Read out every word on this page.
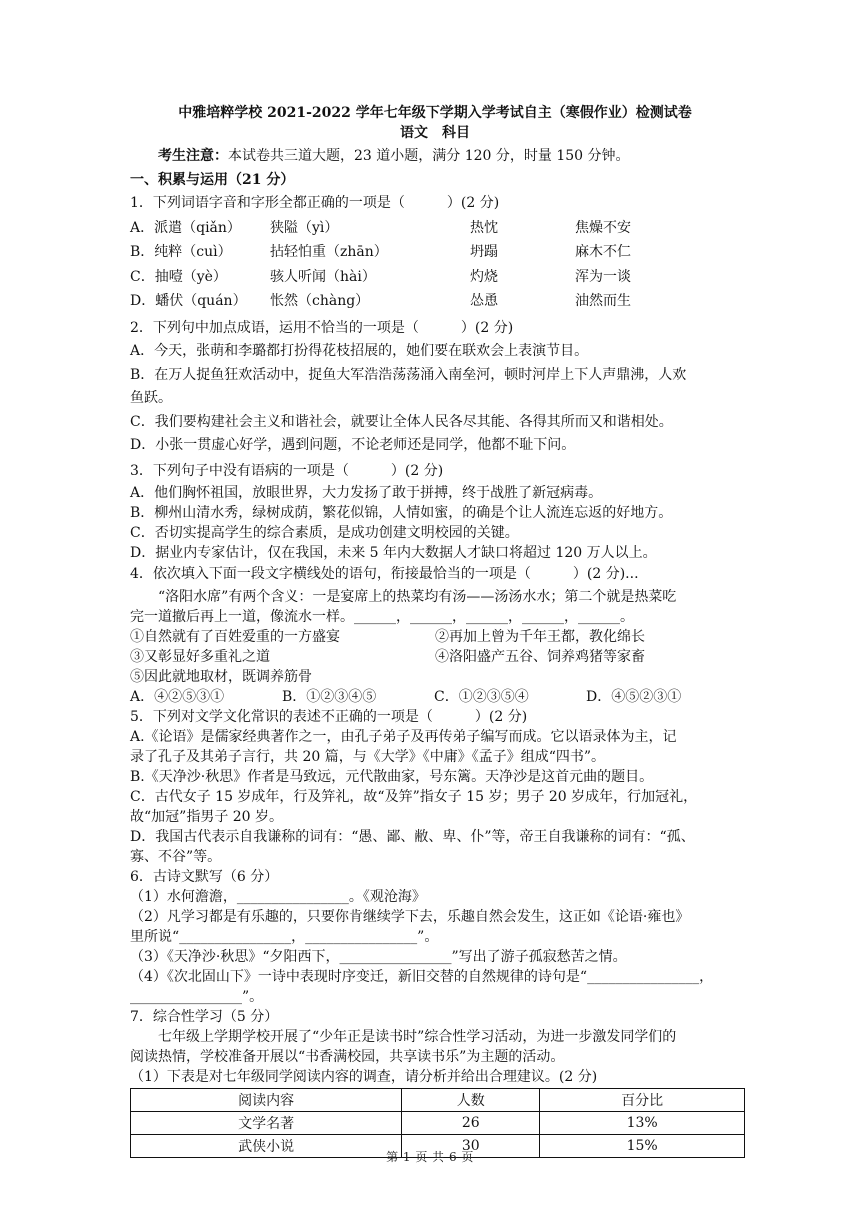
中雅培粹学校 2021-2022 学年七年级下学期入学考试自主（寒假作业）检测试卷

语文　科目

考生注意：本试卷共三道大题，23 道小题，满分 120 分，时量 150 分钟。

一、积累与运用（21 分）

1．下列词语字音和字形全都正确的一项是（　　　）(2 分)

A．派遣（qiǎn）	狭隘（yì）	热忱	焦燥不安
B．纯粹（cuì）	拈轻怕重（zhān）	坍蹋	麻木不仁
C．抽噎（yè）	骇人听闻（hài）	灼烧	浑为一谈
D．蟠伏（quán）	怅然（chàng）	怂恿	油然而生

2．下列句中加点成语，运用不恰当的一项是（　　　）(2 分)

A．今天，张萌和李璐都打扮得花枝招展的，她们要在联欢会上表演节目。

B．在万人捉鱼狂欢活动中，捉鱼大军浩浩荡荡涌入南垒河，顿时河岸上下人声鼎沸，人欢

鱼跃。

C．我们要构建社会主义和谐社会，就要让全体人民各尽其能、各得其所而又和谐相处。

D．小张一贯虚心好学，遇到问题，不论老师还是同学，他都不耻下问。

3．下列句子中没有语病的一项是（　　　）(2 分)

A．他们胸怀祖国，放眼世界，大力发扬了敢于拼搏，终于战胜了新冠病毒。

B．柳州山清水秀，绿树成荫，繁花似锦，人情如蜜，的确是个让人流连忘返的好地方。

C．否切实提高学生的综合素质，是成功创建文明校园的关键。

D．据业内专家估计，仅在我国，未来 5 年内大数据人才缺口将超过 120 万人以上。

4．依次填入下面一段文字横线处的语句，衔接最恰当的一项是（　　　）(2 分)...

“洛阳水席”有两个含义：一是宴席上的热菜均有汤——汤汤水水；第二个就是热菜吃

完一道撤后再上一道，像流水一样。______，______，______，______，______。

①自然就有了百姓爱重的一方盛宴	②再加上曾为千年王都，教化绵长
③又彰显好多重礼之道	④洛阳盛产五谷、饲养鸡猪等家畜
⑤因此就地取材，既调养筋骨
A．④②⑤③①	B．①②③④⑤	C．①②③⑤④	D．④⑤②③①

5．下列对文学文化常识的表述不正确的一项是（　　　）(2 分)

A.《论语》是儒家经典著作之一，由孔子弟子及再传弟子编写而成。它以语录体为主，记

录了孔子及其弟子言行，共 20 篇，与《大学》《中庸》《孟子》组成“四书”。

B.《天净沙·秋思》作者是马致远，元代散曲家，号东篱。天净沙是这首元曲的题目。

C．古代女子 15 岁成年，行及笄礼，故“及笄”指女子 15 岁；男子 20 岁成年，行加冠礼，

故“加冠”指男子 20 岁。

D．我国古代表示自我谦称的词有：“愚、鄙、敝、卑、仆”等，帝王自我谦称的词有：“孤、

寡、不谷”等。

6．古诗文默写（6 分）

（1）水何澹澹，________________。《观沧海》

（2）凡学习都是有乐趣的，只要你肯继续学下去，乐趣自然会发生，这正如《论语·雍也》

里所说“________________，________________”。

（3）《天净沙·秋思》“夕阳西下，________________”写出了游子孤寂愁苦之情。

（4）《次北固山下》一诗中表现时序变迁，新旧交替的自然规律的诗句是“________________，

________________”。

7．综合性学习（5 分）

七年级上学期学校开展了“少年正是读书时”综合性学习活动，为进一步激发同学们的

阅读热情，学校准备开展以“书香满校园，共享读书乐”为主题的活动。

（1）下表是对七年级同学阅读内容的调查，请分析并给出合理建议。(2 分)

阅读内容	人数	百分比
文学名著	26	13%
武侠小说	30	15%
第 1 页 共 6 页
